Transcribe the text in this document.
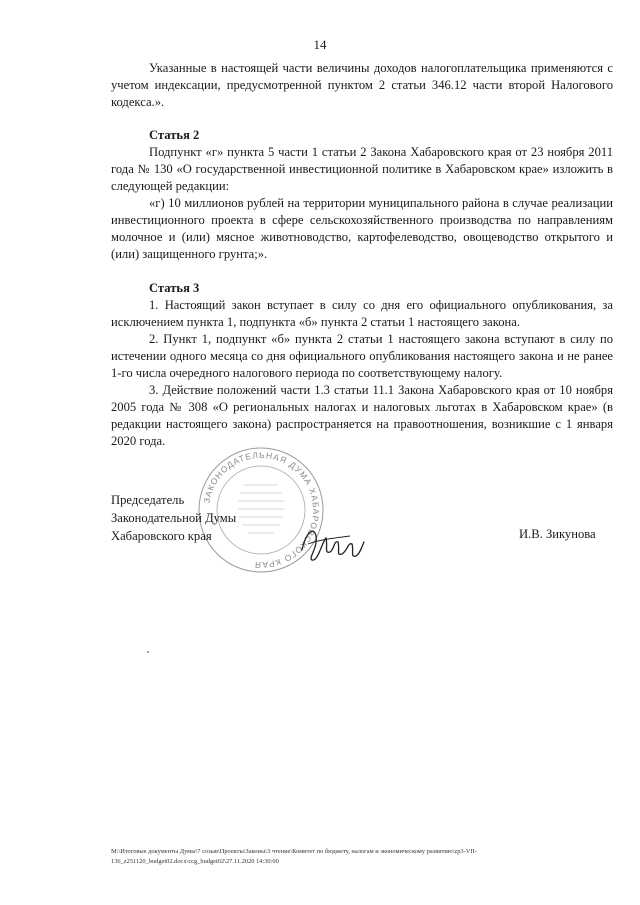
14

Указанные в настоящей части величины доходов налогоплательщика применяются с учетом индексации, предусмотренной пунктом 2 статьи 346.12 части второй Налогового кодекса.».

Статья 2

Подпункт «г» пункта 5 части 1 статьи 2 Закона Хабаровского края от 23 ноября 2011 года № 130 «О государственной инвестиционной политике в Хабаровском крае» изложить в следующей редакции:

«г) 10 миллионов рублей на территории муниципального района в случае реализации инвестиционного проекта в сфере сельскохозяйственного производства по направлениям молочное и (или) мясное животноводство, картофелеводство, овощеводство открытого и (или) защищенного грунта;».

Статья 3

1. Настоящий закон вступает в силу со дня его официального опубликования, за исключением пункта 1, подпункта «б» пункта 2 статьи 1 настоящего закона.

2. Пункт 1, подпункт «б» пункта 2 статьи 1 настоящего закона вступают в силу по истечении одного месяца со дня официального опубликования настоящего закона и не ранее 1-го числа очередного налогового периода по соответствующему налогу.

3. Действие положений части 1.3 статьи 11.1 Закона Хабаровского края от 10 ноября 2005 года № 308 «О региональных налогах и налоговых льготах в Хабаровском крае» (в редакции настоящего закона) распространяется на правоотношения, возникшие с 1 января 2020 года.

ЗАКОНОДАТЕЛЬНАЯ ДУМА ХАБАРОВСКОГО КРАЯ
Председатель
Законодательной Думы
Хабаровского края	И.В. Зикунова
M:\Итоговые документы Думы\7 созыв\Проекты\Законы\3 чтение\Комитет по бюджету, налогам и экономическому развитию\zp3-VII-
136_z251120_budget02.docx\ccg_budget02\27.11.2020 14:30:00
